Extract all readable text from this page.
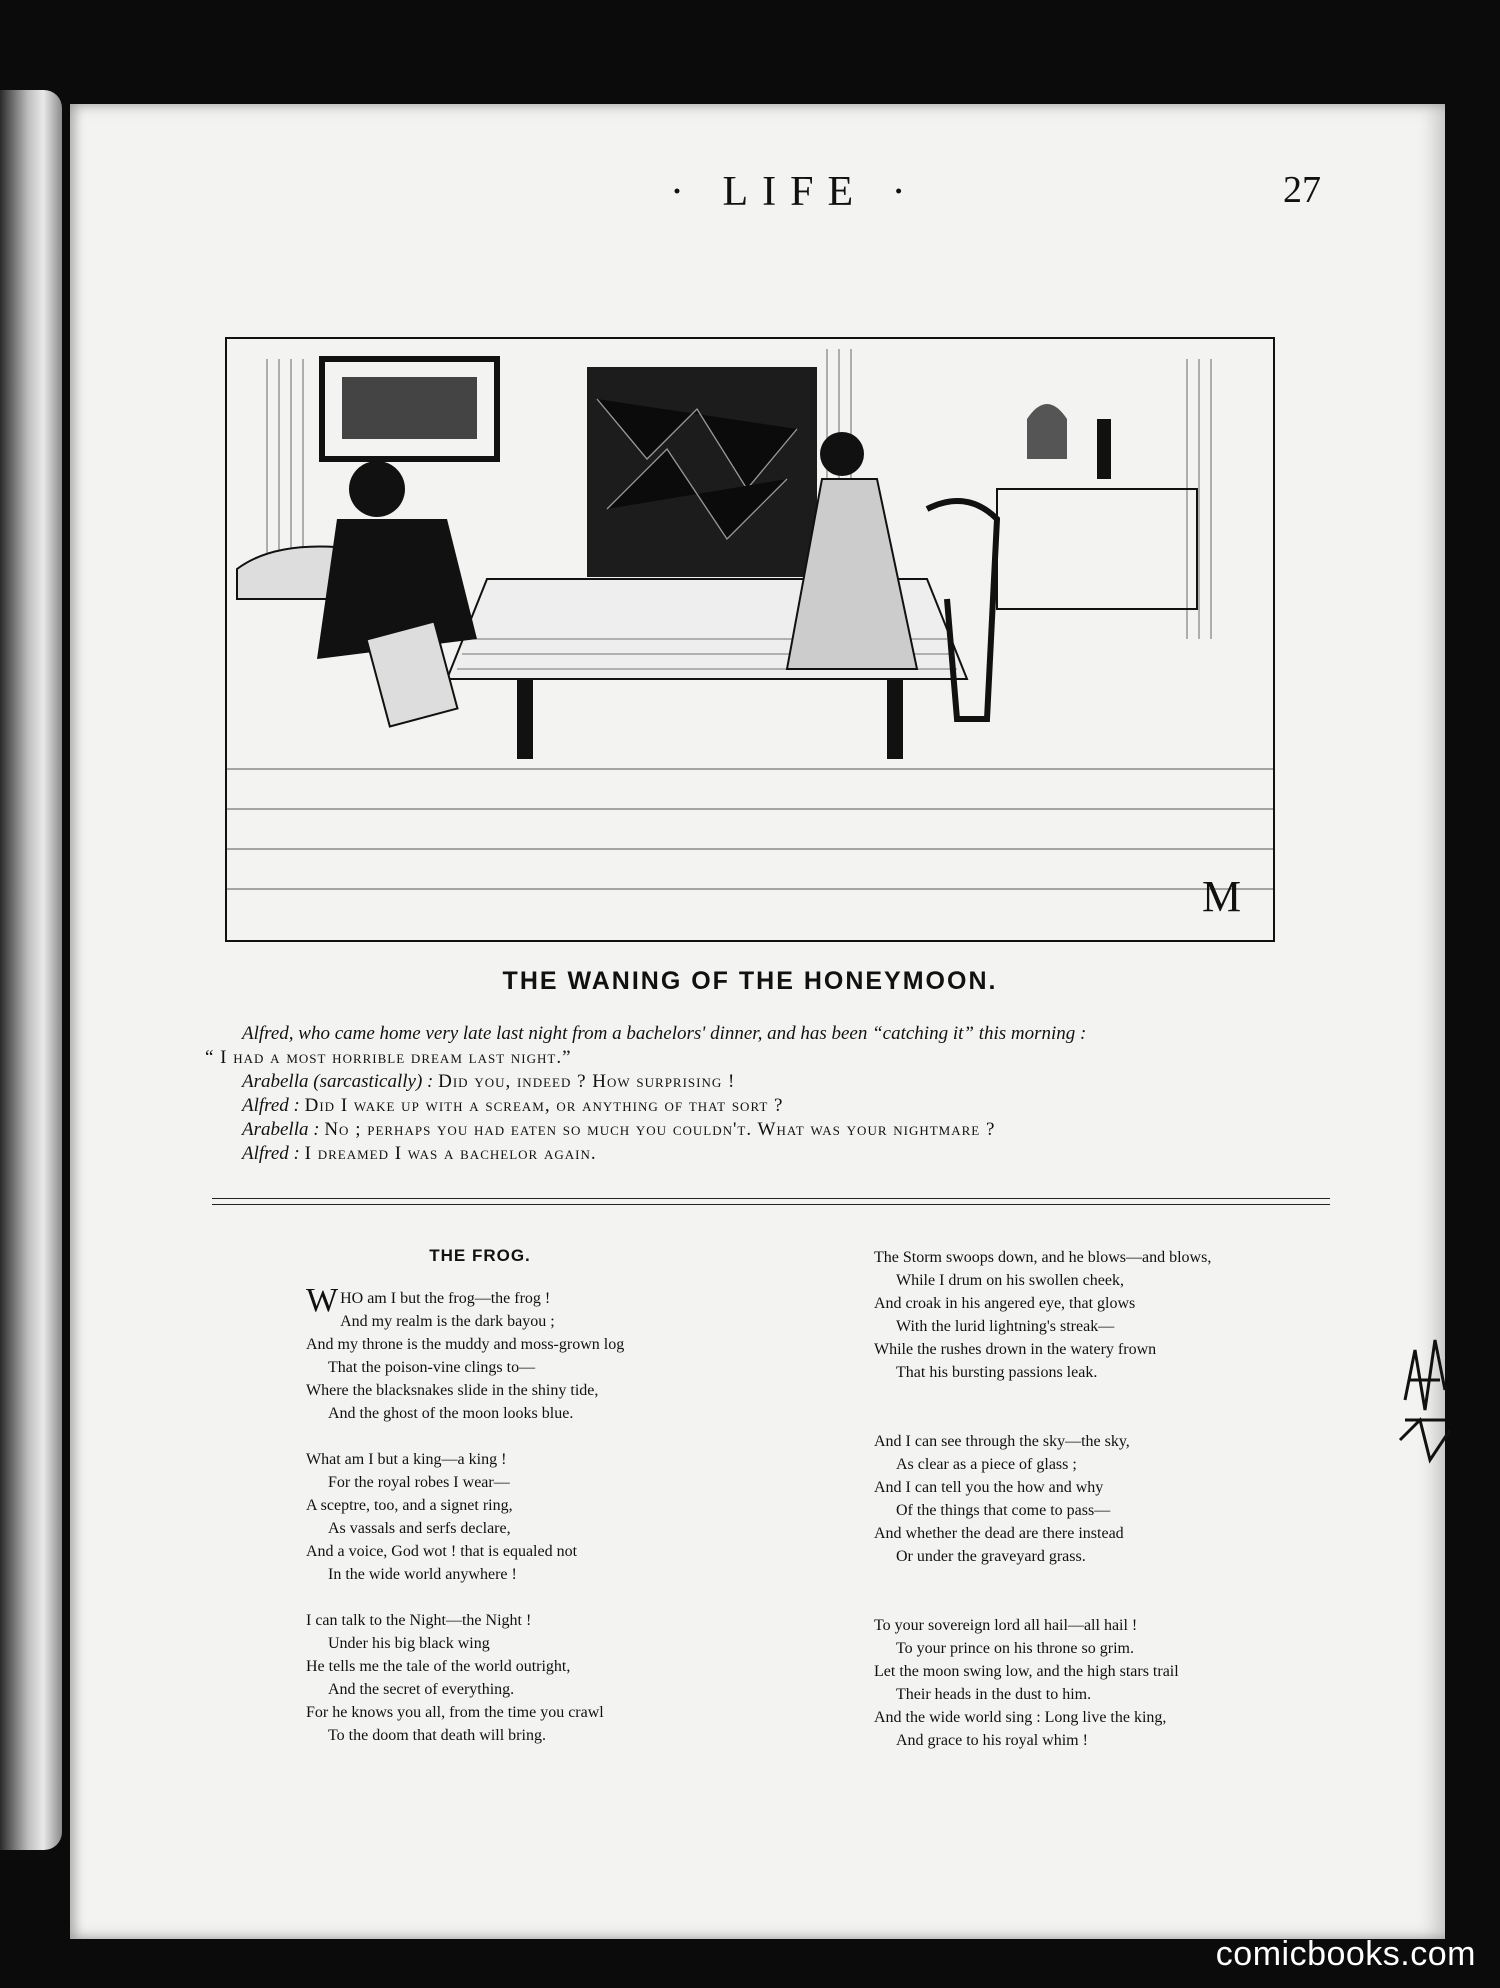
· LIFE ·	27
M
THE WANING OF THE HONEYMOON.
Alfred, who came home very late last night from a bachelors' dinner, and has been “catching it” this morning :
“ I had a most horrible dream last night.”
Arabella (sarcastically) : Did you, indeed ? How surprising !
Alfred : Did I wake up with a scream, or anything of that sort ?
Arabella : No ; perhaps you had eaten so much you couldn't. What was your nightmare ?
Alfred : I dreamed I was a bachelor again.
THE FROG.
WHO am I but the frog—the frog !
And my realm is the dark bayou ;
And my throne is the muddy and moss-grown log
That the poison-vine clings to—
Where the blacksnakes slide in the shiny tide,
And the ghost of the moon looks blue.
What am I but a king—a king !
For the royal robes I wear—
A sceptre, too, and a signet ring,
As vassals and serfs declare,
And a voice, God wot ! that is equaled not
In the wide world anywhere !
I can talk to the Night—the Night !
Under his big black wing
He tells me the tale of the world outright,
And the secret of everything.
For he knows you all, from the time you crawl
To the doom that death will bring.
The Storm swoops down, and he blows—and blows,
While I drum on his swollen cheek,
And croak in his angered eye, that glows
With the lurid lightning's streak—
While the rushes drown in the watery frown
That his bursting passions leak.
And I can see through the sky—the sky,
As clear as a piece of glass ;
And I can tell you the how and why
Of the things that come to pass—
And whether the dead are there instead
Or under the graveyard grass.
To your sovereign lord all hail—all hail !
To your prince on his throne so grim.
Let the moon swing low, and the high stars trail
Their heads in the dust to him.
And the wide world sing : Long live the king,
And grace to his royal whim !
comicbooks.com
